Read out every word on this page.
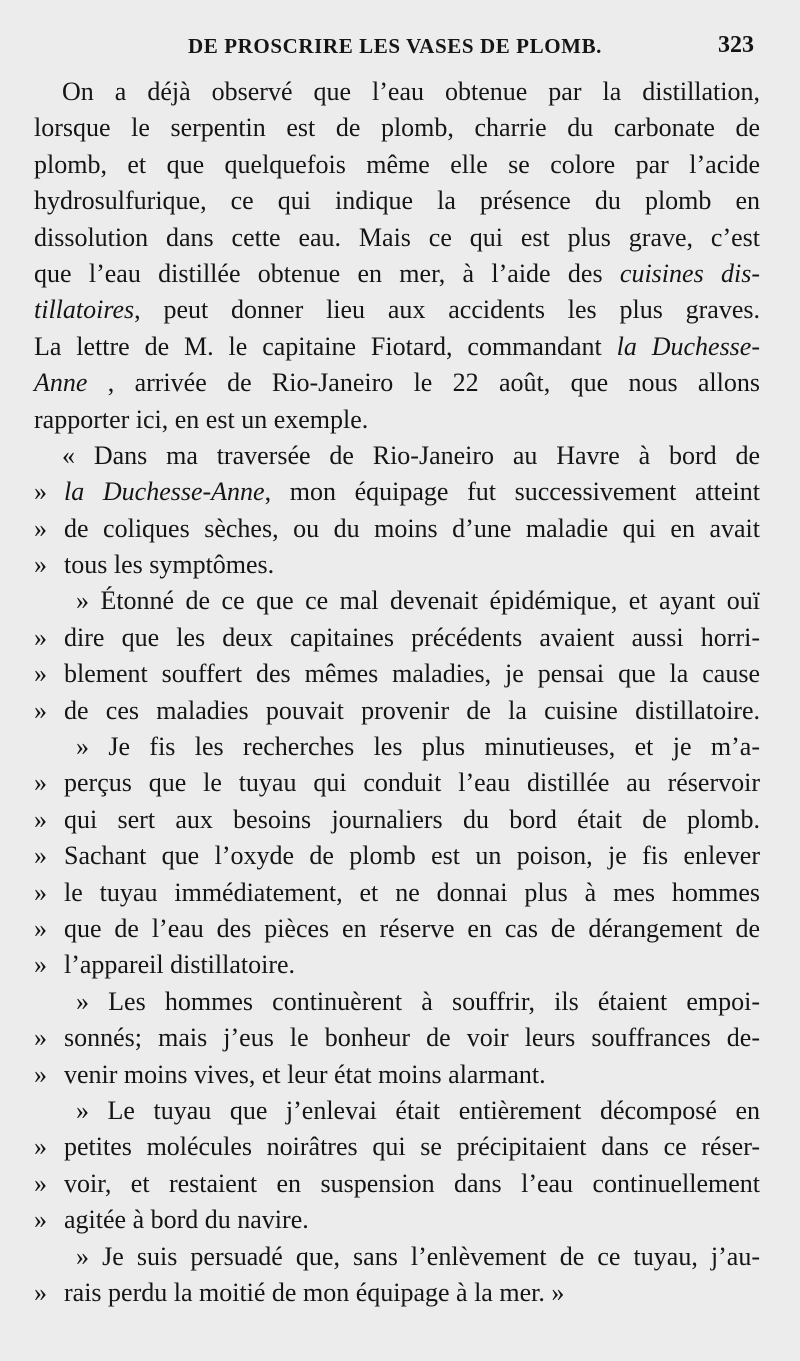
DE PROSCRIRE LES VASES DE PLOMB.	323
On a déjà observé que l’eau obtenue par la distillation,
lorsque le serpentin est de plomb, charrie du carbonate de
plomb, et que quelquefois même elle se colore par l’acide
hydrosulfurique, ce qui indique la présence du plomb en
dissolution dans cette eau. Mais ce qui est plus grave, c’est
que l’eau distillée obtenue en mer, à l’aide des cuisines dis-
tillatoires, peut donner lieu aux accidents les plus graves.
La lettre de M. le capitaine Fiotard, commandant la Duchesse-
Anne , arrivée de Rio-Janeiro le 22 août, que nous allons
rapporter ici, en est un exemple.
« Dans ma traversée de Rio-Janeiro au Havre à bord de
» la Duchesse-Anne, mon équipage fut successivement atteint
» de coliques sèches, ou du moins d’une maladie qui en avait
» tous les symptômes.
» Étonné de ce que ce mal devenait épidémique, et ayant ouï
» dire que les deux capitaines précédents avaient aussi horri-
» blement souffert des mêmes maladies, je pensai que la cause
» de ces maladies pouvait provenir de la cuisine distillatoire.
» Je fis les recherches les plus minutieuses, et je m’a-
» perçus que le tuyau qui conduit l’eau distillée au réservoir
» qui sert aux besoins journaliers du bord était de plomb.
» Sachant que l’oxyde de plomb est un poison, je fis enlever
» le tuyau immédiatement, et ne donnai plus à mes hommes
» que de l’eau des pièces en réserve en cas de dérangement de
» l’appareil distillatoire.
» Les hommes continuèrent à souffrir, ils étaient empoi-
» sonnés; mais j’eus le bonheur de voir leurs souffrances de-
» venir moins vives, et leur état moins alarmant.
» Le tuyau que j’enlevai était entièrement décomposé en
» petites molécules noirâtres qui se précipitaient dans ce réser-
» voir, et restaient en suspension dans l’eau continuellement
» agitée à bord du navire.
» Je suis persuadé que, sans l’enlèvement de ce tuyau, j’au-
» rais perdu la moitié de mon équipage à la mer. »
